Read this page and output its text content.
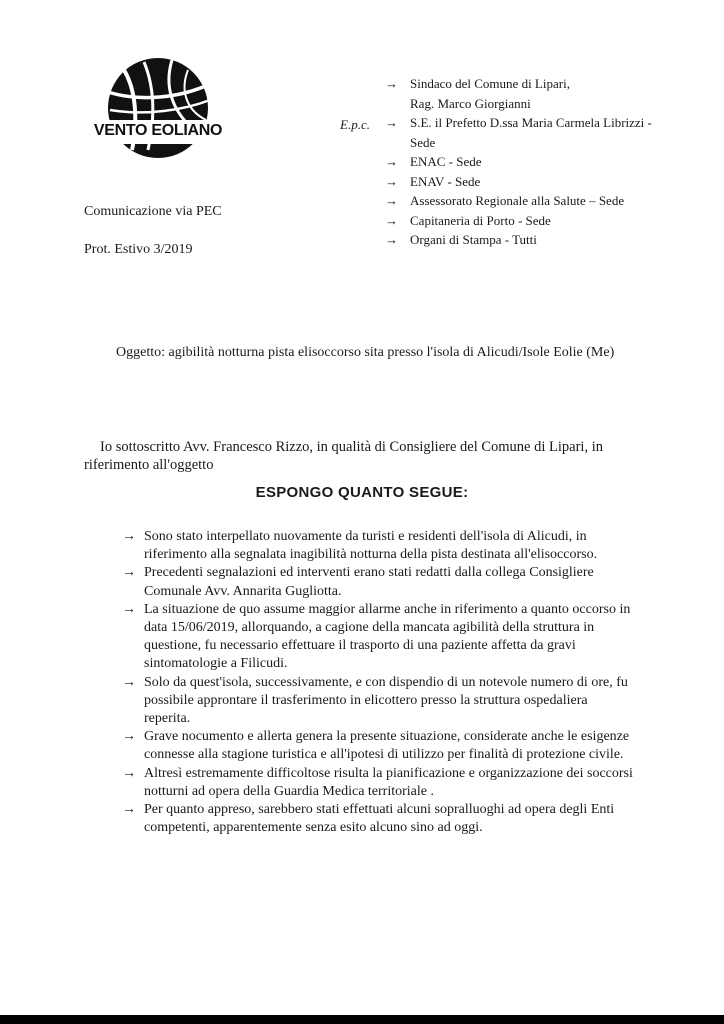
VENTO EOLIANO	E.p.c.
→ Sindaco del Comune di Lipari,
Rag. Marco Giorgianni
→ S.E. il Prefetto D.ssa Maria Carmela Librizzi -
Sede
→ ENAC - Sede
→ ENAV - Sede
→ Assessorato Regionale alla Salute – Sede
→ Capitaneria di Porto - Sede
→ Organi di Stampa - Tutti
Comunicazione via PEC
Prot. Estivo 3/2019
Oggetto: agibilità notturna pista elisoccorso sita presso l'isola di Alicudi/Isole Eolie (Me)
Io sottoscritto Avv. Francesco Rizzo, in qualità di Consigliere del Comune di Lipari, in riferimento all'oggetto
ESPONGO QUANTO SEGUE:
→ Sono stato interpellato nuovamente da turisti e residenti dell'isola di Alicudi, in riferimento alla segnalata inagibilità notturna della pista destinata all'elisoccorso.
→ Precedenti segnalazioni ed interventi erano stati redatti dalla collega Consigliere Comunale Avv. Annarita Gugliotta.
→ La situazione de quo assume maggior allarme anche in riferimento a quanto occorso in data 15/06/2019, allorquando, a cagione della mancata agibilità della struttura in questione, fu necessario effettuare il trasporto di una paziente affetta da gravi sintomatologie a Filicudi.
→ Solo da quest'isola, successivamente, e con dispendio di un notevole numero di ore, fu possibile approntare il trasferimento in elicottero presso la struttura ospedaliera reperita.
→ Grave nocumento e allerta genera la presente situazione, considerate anche le esigenze connesse alla stagione turistica e all'ipotesi di utilizzo per finalità di protezione civile.
→ Altresì estremamente difficoltose risulta la pianificazione e organizzazione dei soccorsi notturni ad opera della Guardia Medica territoriale .
→ Per quanto appreso, sarebbero stati effettuati alcuni sopralluoghi ad opera degli Enti competenti, apparentemente senza esito alcuno sino ad oggi.
